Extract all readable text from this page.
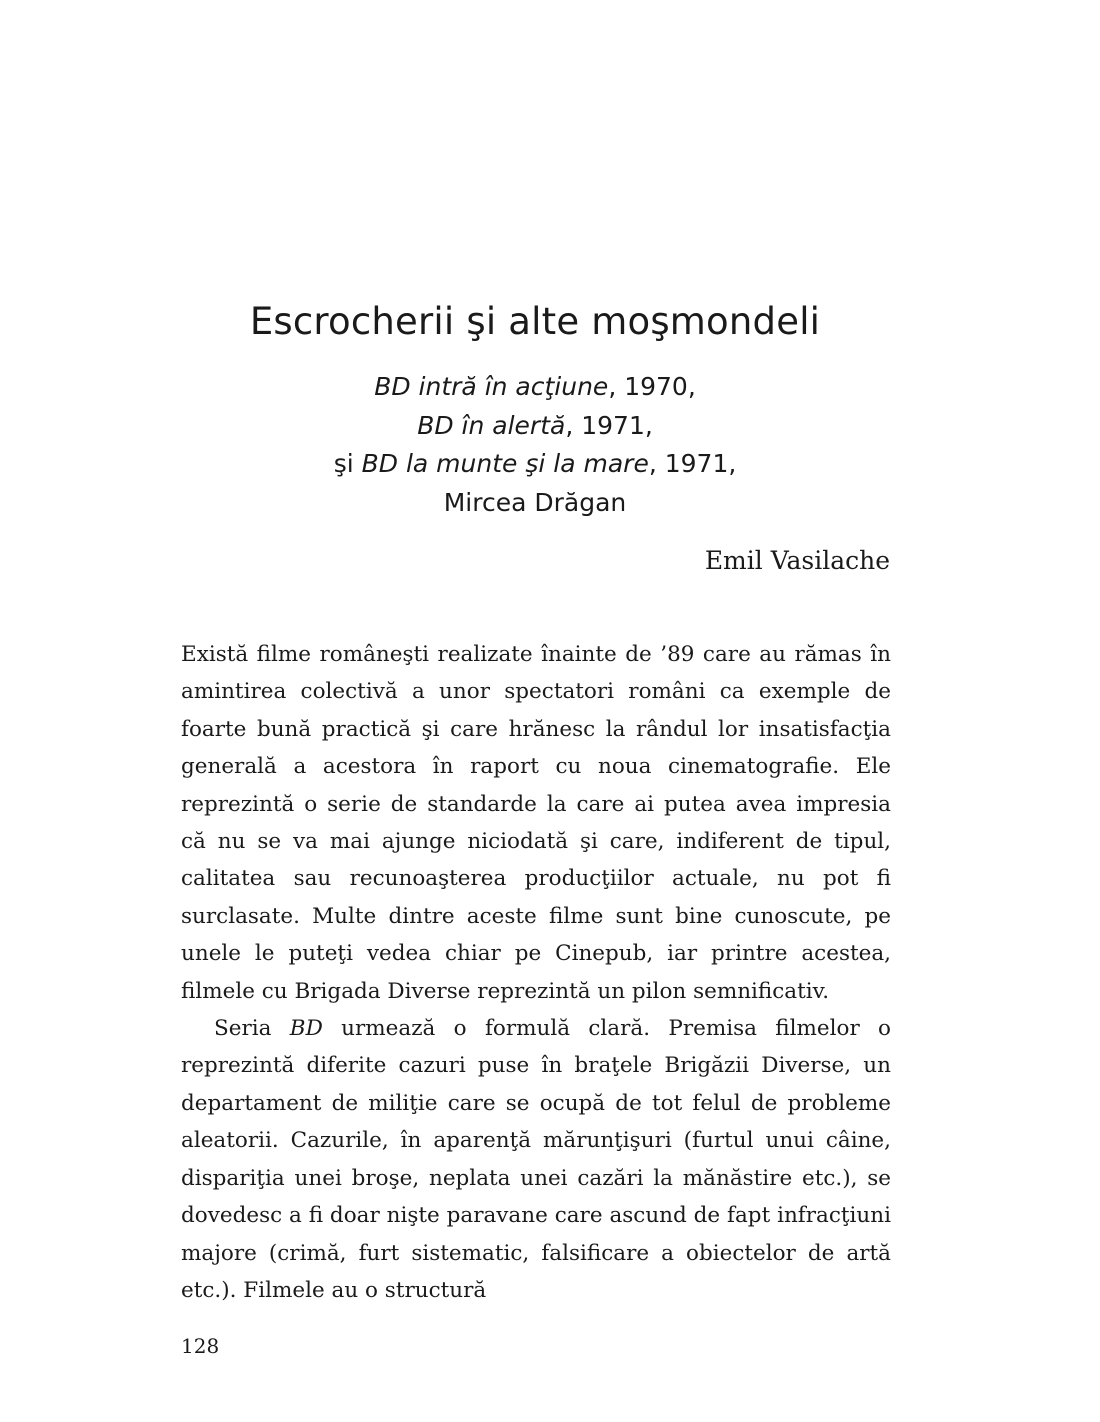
Escrocherii şi alte moşmondeli
BD intră în acţiune, 1970,
BD în alertă, 1971,
şi BD la munte şi la mare, 1971,
Mircea Drăgan
Emil Vasilache

Există filme româneşti realizate înainte de ’89 care au rămas în amintirea colectivă a unor spectatori români ca exemple de foarte bună practică şi care hrănesc la rândul lor insatisfacţia generală a acestora în raport cu noua cinematografie. Ele reprezintă o serie de standarde la care ai putea avea impresia că nu se va mai ajunge niciodată şi care, indiferent de tipul, calitatea sau recunoaşterea producţiilor actuale, nu pot fi surclasate. Multe dintre aceste filme sunt bine cunoscute, pe unele le puteţi vedea chiar pe Cinepub, iar printre acestea, filmele cu Brigada Diverse reprezintă un pilon semnificativ.

Seria BD urmează o formulă clară. Premisa filmelor o reprezintă diferite cazuri puse în braţele Brigăzii Diverse, un departament de miliţie care se ocupă de tot felul de probleme aleatorii. Cazurile, în aparenţă mărunţişuri (furtul unui câine, dispariţia unei broşe, neplata unei cazări la mănăstire etc.), se dovedesc a fi doar nişte paravane care ascund de fapt infracţiuni majore (crimă, furt sistematic, falsificare a obiectelor de artă etc.). Filmele au o structură

128
